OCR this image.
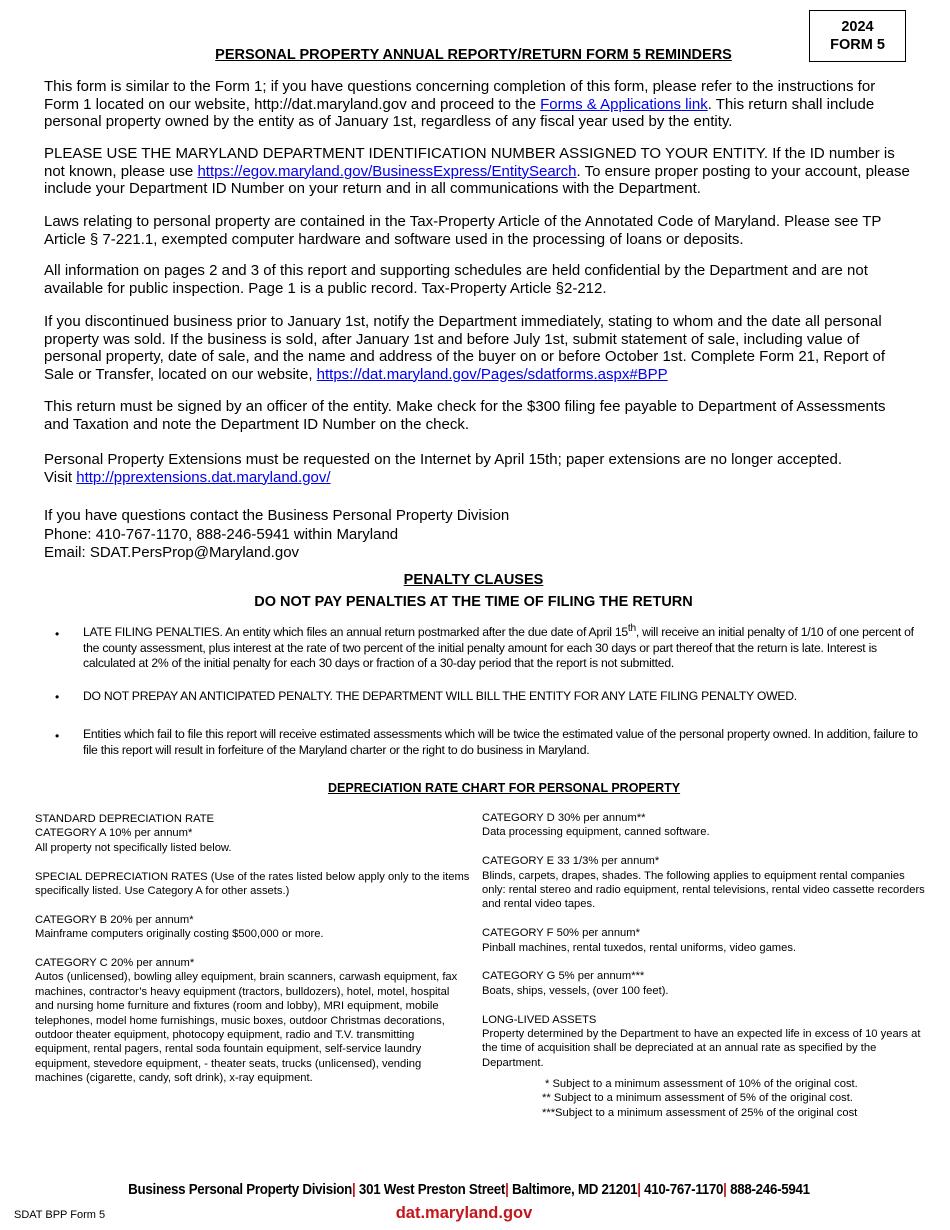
2024
FORM 5
PERSONAL PROPERTY ANNUAL REPORTY/RETURN FORM 5 REMINDERS
This form is similar to the Form 1; if you have questions concerning completion of this form, please refer to the instructions for Form 1 located on our website, http://dat.maryland.gov and proceed to the Forms & Applications link. This return shall include personal property owned by the entity as of January 1st, regardless of any fiscal year used by the entity.
PLEASE USE THE MARYLAND DEPARTMENT IDENTIFICATION NUMBER ASSIGNED TO YOUR ENTITY. If the ID number is not known, please use https://egov.maryland.gov/BusinessExpress/EntitySearch. To ensure proper posting to your account, please include your Department ID Number on your return and in all communications with the Department.
Laws relating to personal property are contained in the Tax-Property Article of the Annotated Code of Maryland. Please see TP Article § 7-221.1, exempted computer hardware and software used in the processing of loans or deposits.
All information on pages 2 and 3 of this report and supporting schedules are held confidential by the Department and are not available for public inspection. Page 1 is a public record. Tax-Property Article §2-212.
If you discontinued business prior to January 1st, notify the Department immediately, stating to whom and the date all personal property was sold. If the business is sold, after January 1st and before July 1st, submit statement of sale, including value of personal property, date of sale, and the name and address of the buyer on or before October 1st. Complete Form 21, Report of Sale or Transfer, located on our website, https://dat.maryland.gov/Pages/sdatforms.aspx#BPP
This return must be signed by an officer of the entity. Make check for the $300 filing fee payable to Department of Assessments and Taxation and note the Department ID Number on the check.
Personal Property Extensions must be requested on the Internet by April 15th; paper extensions are no longer accepted.
Visit http://pprextensions.dat.maryland.gov/
If you have questions contact the Business Personal Property Division
Phone: 410-767-1170, 888-246-5941 within Maryland
Email: SDAT.PersProp@Maryland.gov
PENALTY CLAUSES
DO NOT PAY PENALTIES AT THE TIME OF FILING THE RETURN
• LATE FILING PENALTIES. An entity which files an annual return postmarked after the due date of April 15th, will receive an initial penalty of 1/10 of one percent of the county assessment, plus interest at the rate of two percent of the initial penalty amount for each 30 days or part thereof that the return is late. Interest is calculated at 2% of the initial penalty for each 30 days or fraction of a 30-day period that the report is not submitted.
• DO NOT PREPAY AN ANTICIPATED PENALTY. THE DEPARTMENT WILL BILL THE ENTITY FOR ANY LATE FILING PENALTY OWED.
• Entities which fail to file this report will receive estimated assessments which will be twice the estimated value of the personal property owned. In addition, failure to file this report will result in forfeiture of the Maryland charter or the right to do business in Maryland.
DEPRECIATION RATE CHART FOR PERSONAL PROPERTY

STANDARD DEPRECIATION RATE
CATEGORY A 10% per annum*
All property not specifically listed below.

SPECIAL DEPRECIATION RATES (Use of the rates listed below apply only to the items specifically listed. Use Category A for other assets.)

CATEGORY B 20% per annum*
Mainframe computers originally costing $500,000 or more.

CATEGORY C 20% per annum*
Autos (unlicensed), bowling alley equipment, brain scanners, carwash equipment, fax machines, contractor’s heavy equipment (tractors, bulldozers), hotel, motel, hospital and nursing home furniture and fixtures (room and lobby), MRI equipment, mobile telephones, model home furnishings, music boxes, outdoor Christmas decorations, outdoor theater equipment, photocopy equipment, radio and T.V. transmitting equipment, rental pagers, rental soda fountain equipment, self-service laundry equipment, stevedore equipment, - theater seats, trucks (unlicensed), vending machines (cigarette, candy, soft drink), x-ray equipment.

CATEGORY D 30% per annum**
Data processing equipment, canned software.

CATEGORY E 33 1/3% per annum*
Blinds, carpets, drapes, shades. The following applies to equipment rental companies only: rental stereo and radio equipment, rental televisions, rental video cassette recorders and rental video tapes.

CATEGORY F 50% per annum*
Pinball machines, rental tuxedos, rental uniforms, video games.

CATEGORY G 5% per annum***
Boats, ships, vessels, (over 100 feet).

LONG-LIVED ASSETS
Property determined by the Department to have an expected life in excess of 10 years at the time of acquisition shall be depreciated at an annual rate as specified by the Department.

* Subject to a minimum assessment of 10% of the original cost.
** Subject to a minimum assessment of 5% of the original cost.
***Subject to a minimum assessment of 25% of the original cost
Business Personal Property Division| 301 West Preston Street| Baltimore, MD 21201| 410-767-1170| 888-246-5941
dat.maryland.gov
SDAT BPP Form 5
